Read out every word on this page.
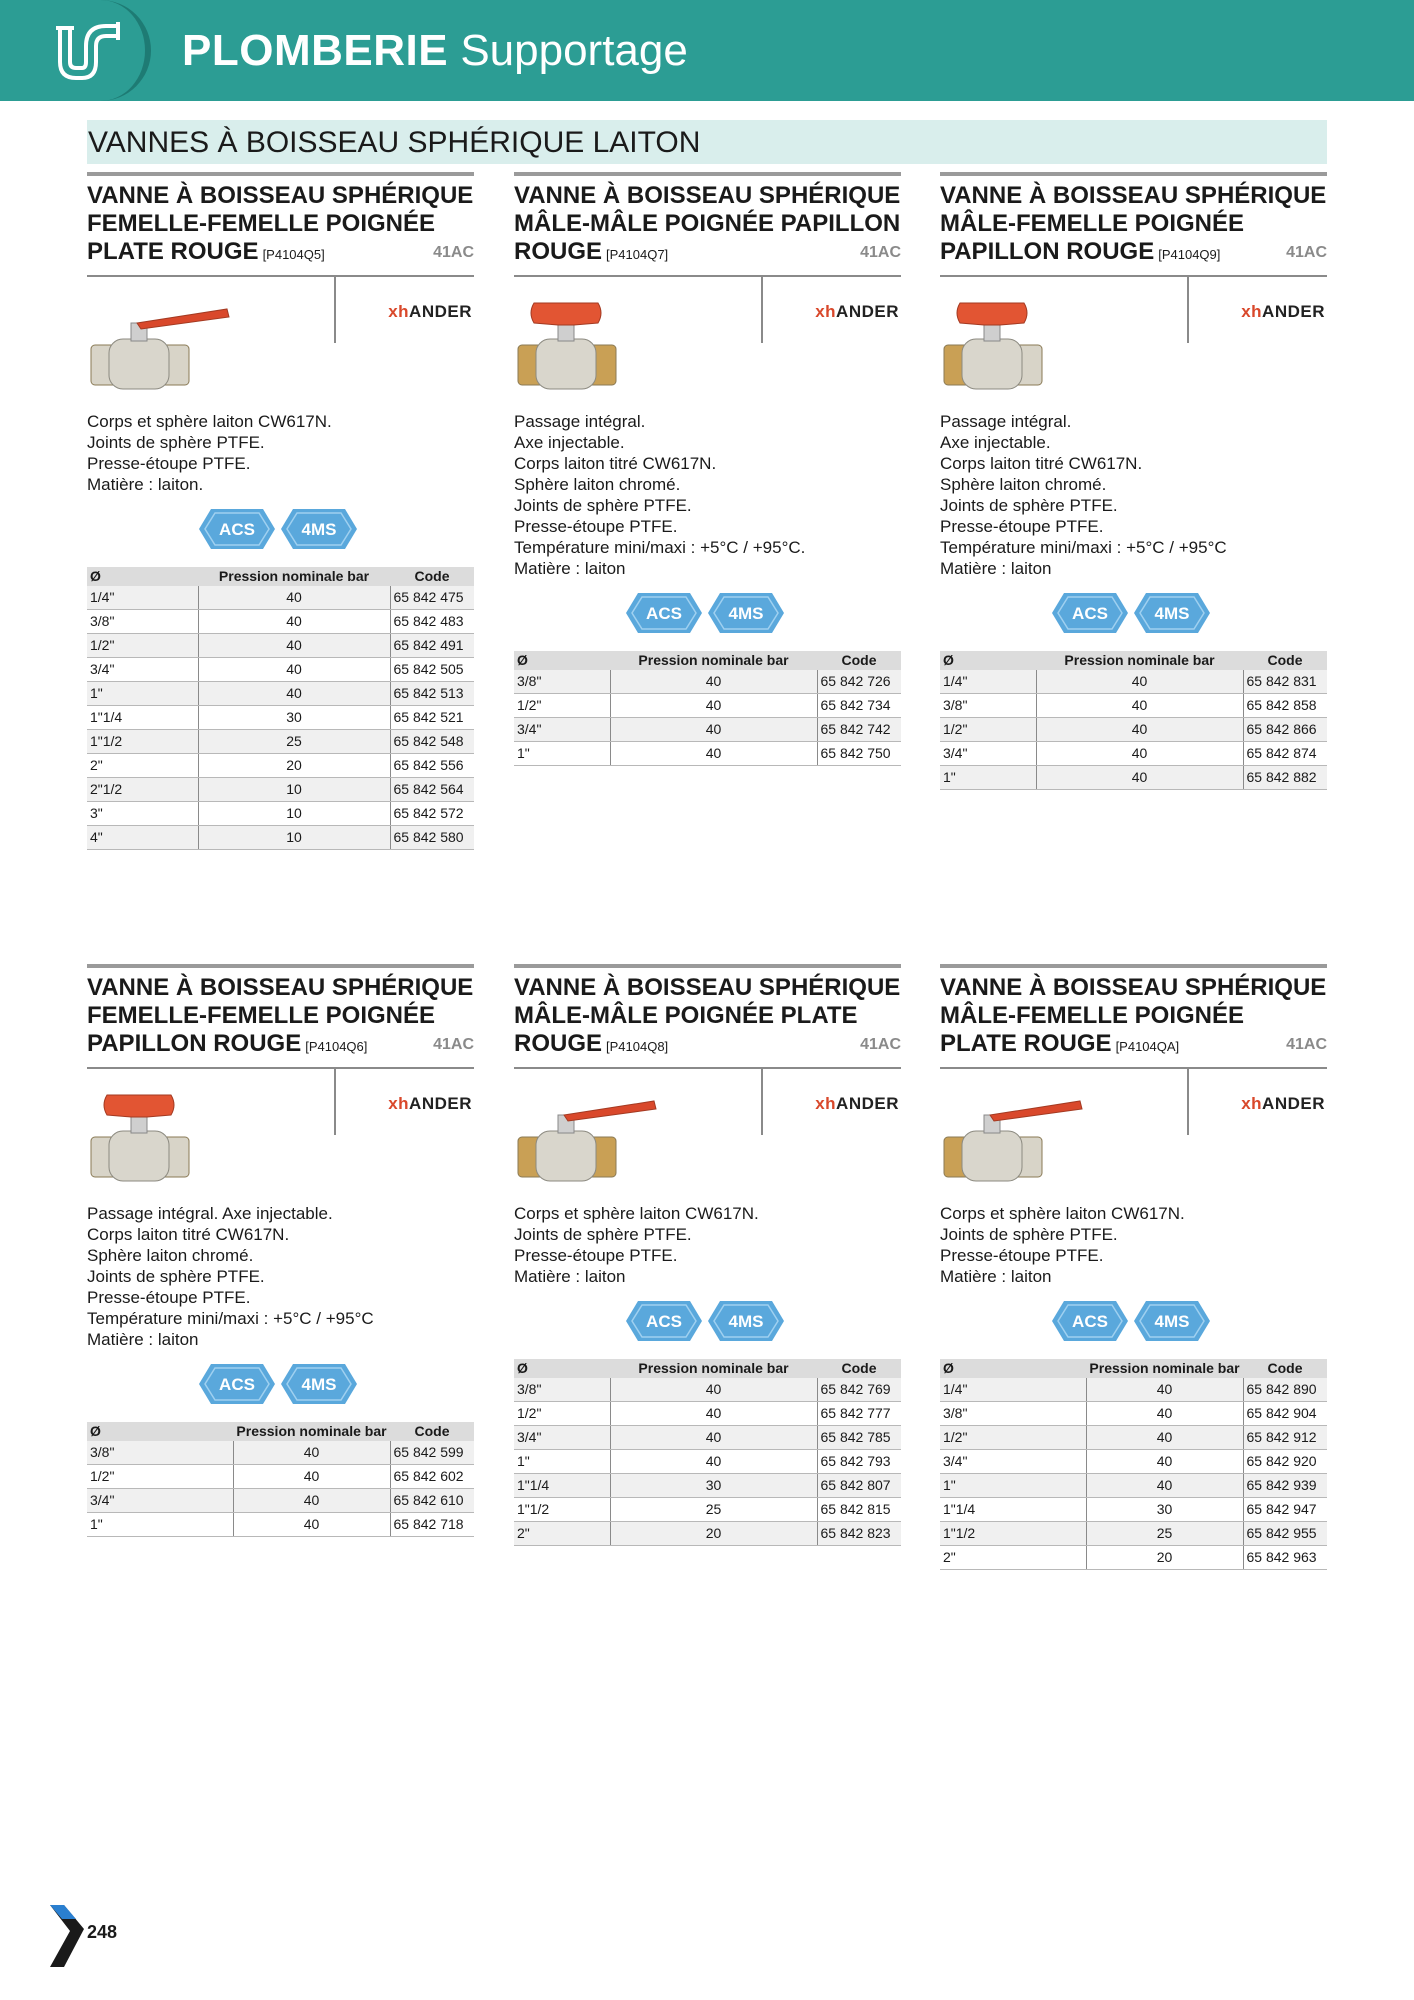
PLOMBERIE Supportage
VANNES À BOISSEAU SPHÉRIQUE LAITON
VANNE À BOISSEAU SPHÉRIQUE FEMELLE-FEMELLE POIGNÉE PLATE ROUGE [P4104Q5]	41AC
xhANDER
Corps et sphère laiton CW617N.
Joints de sphère PTFE.
Presse-étoupe PTFE.
Matière : laiton.
ACS	4MS
Ø	Pression nominale bar	Code
1/4"	40	65 842 475
3/8"	40	65 842 483
1/2"	40	65 842 491
3/4"	40	65 842 505
1"	40	65 842 513
1"1/4	30	65 842 521
1"1/2	25	65 842 548
2"	20	65 842 556
2"1/2	10	65 842 564
3"	10	65 842 572
4"	10	65 842 580
VANNE À BOISSEAU SPHÉRIQUE MÂLE-MÂLE POIGNÉE PAPILLON ROUGE [P4104Q7]	41AC
xhANDER
Passage intégral.
Axe injectable.
Corps laiton titré CW617N.
Sphère laiton chromé.
Joints de sphère PTFE.
Presse-étoupe PTFE.
Température mini/maxi : +5°C / +95°C.
Matière : laiton
ACS	4MS
Ø	Pression nominale bar	Code
3/8"	40	65 842 726
1/2"	40	65 842 734
3/4"	40	65 842 742
1"	40	65 842 750
VANNE À BOISSEAU SPHÉRIQUE MÂLE-FEMELLE POIGNÉE PAPILLON ROUGE [P4104Q9]	41AC
xhANDER
Passage intégral.
Axe injectable.
Corps laiton titré CW617N.
Sphère laiton chromé.
Joints de sphère PTFE.
Presse-étoupe PTFE.
Température mini/maxi : +5°C / +95°C
Matière : laiton
ACS	4MS
Ø	Pression nominale bar	Code
1/4"	40	65 842 831
3/8"	40	65 842 858
1/2"	40	65 842 866
3/4"	40	65 842 874
1"	40	65 842 882
VANNE À BOISSEAU SPHÉRIQUE FEMELLE-FEMELLE POIGNÉE PAPILLON ROUGE [P4104Q6]	41AC
xhANDER
Passage intégral. Axe injectable.
Corps laiton titré CW617N.
Sphère laiton chromé.
Joints de sphère PTFE.
Presse-étoupe PTFE.
Température mini/maxi : +5°C / +95°C
Matière : laiton
ACS	4MS
Ø	Pression nominale bar	Code
3/8"	40	65 842 599
1/2"	40	65 842 602
3/4"	40	65 842 610
1"	40	65 842 718
VANNE À BOISSEAU SPHÉRIQUE MÂLE-MÂLE POIGNÉE PLATE ROUGE [P4104Q8]	41AC
xhANDER
Corps et sphère laiton CW617N.
Joints de sphère PTFE.
Presse-étoupe PTFE.
Matière : laiton
ACS	4MS
Ø	Pression nominale bar	Code
3/8"	40	65 842 769
1/2"	40	65 842 777
3/4"	40	65 842 785
1"	40	65 842 793
1"1/4	30	65 842 807
1"1/2	25	65 842 815
2"	20	65 842 823
VANNE À BOISSEAU SPHÉRIQUE MÂLE-FEMELLE POIGNÉE PLATE ROUGE [P4104QA]	41AC
xhANDER
Corps et sphère laiton CW617N.
Joints de sphère PTFE.
Presse-étoupe PTFE.
Matière : laiton
ACS	4MS
Ø	Pression nominale bar	Code
1/4"	40	65 842 890
3/8"	40	65 842 904
1/2"	40	65 842 912
3/4"	40	65 842 920
1"	40	65 842 939
1"1/4	30	65 842 947
1"1/2	25	65 842 955
2"	20	65 842 963
248
